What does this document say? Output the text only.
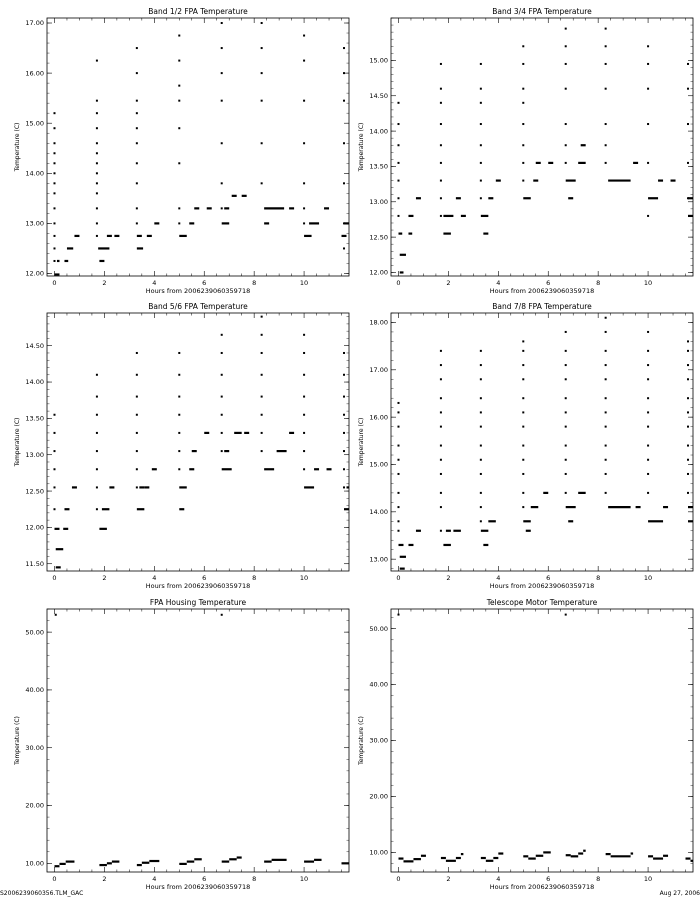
Band 1/2 FPA Temperature
Hours from 2006239060359718
Temperature (C)
0	2	4	6	8	10
12.00
13.00
14.00
15.00
16.00
17.00
Band 3/4 FPA Temperature
Hours from 2006239060359718
Temperature (C)
0	2	4	6	8	10
12.00
12.50
13.00
13.50
14.00
14.50
15.00
Band 5/6 FPA Temperature
Hours from 2006239060359718
Temperature (C)
0	2	4	6	8	10
11.50
12.00
12.50
13.00
13.50
14.00
14.50
Band 7/8 FPA Temperature
Hours from 2006239060359718
Temperature (C)
0	2	4	6	8	10
13.00
14.00
15.00
16.00
17.00
18.00
FPA Housing Temperature
Hours from 2006239060359718
Temperature (C)
0	2	4	6	8	10
10.00
20.00
30.00
40.00
50.00
Telescope Motor Temperature
Hours from 2006239060359718
Temperature (C)
0	2	4	6	8	10
10.00
20.00
30.00
40.00
50.00
S2006239060356.TLM_GAC	Aug 27, 2006
